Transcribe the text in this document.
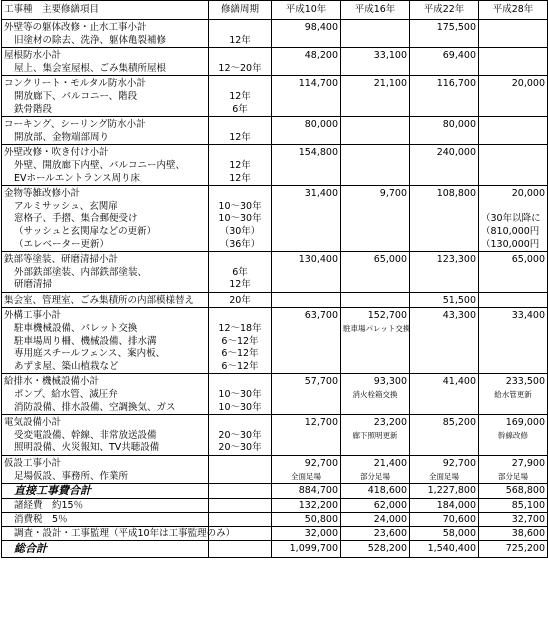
工事種　主要修繕項目	修繕周期	平成10年	平成16年	平成22年	平成28年
外壁等の躯体改修・止水工事小計		98,400		175,500	
旧塗材の除去、洗浄、躯体亀裂補修	12年				
屋根防水小計		48,200	33,100	69,400	
屋上、集会室屋根、ごみ集積所屋根	12〜20年				
コンクリート・モルタル防水小計		114,700	21,100	116,700	20,000
開放廊下、バルコニー、階段	12年				
鉄骨階段	6年				
コーキング、シーリング防水小計		80,000		80,000	
開放部、金物端部周り	12年				
外壁改修・吹き付け小計		154,800		240,000	
外壁、開放廊下内壁、バルコニー内壁、	12年				
EVホールエントランス周り床	12年				
金物等雑改修小計		31,400	9,700	108,800	20,000
アルミサッシュ、玄関扉	10〜30年				
窓格子、手摺、集合郵便受け	10〜30年				（30年以降に
（サッシュと玄関扉などの更新）	（30年）				（810,000円
（エレベーター更新）	（36年）				（130,000円
鉄部等塗装、研磨清掃小計		130,400	65,000	123,300	65,000
外部鉄部塗装、内部鉄部塗装、	6年				
研磨清掃	12年				
集会室、管理室、ごみ集積所の内部模様替え	20年			51,500	
外構工事小計		63,700	152,700	43,300	33,400
駐車機械設備、パレット交換	12〜18年		駐車場パレット交換		
駐車場周り柵、機械設備、排水溝	6〜12年				
専用庭スチールフェンス、案内板、	6〜12年				
あずま屋、築山植栽など	6〜12年				
給排水・機械設備小計		57,700	93,300	41,400	233,500
ポンプ、給水管、滅圧弁	10〜30年		消火栓箱交換		給水管更新
消防設備、排水設備、空調換気、ガス	10〜30年				
電気設備小計		12,700	23,200	85,200	169,000
受変電設備、幹線、非常放送設備	20〜30年		廊下照明更新		幹線改修
照明設備、火災報知、TV共聴設備	20〜30年				
仮設工事小計		92,700	21,400	92,700	27,900
足場仮設、事務所、作業所		全面足場	部分足場	全面足場	部分足場
直接工事費合計		884,700	418,600	1,227,800	568,800
諸経費　約15％		132,200	62,000	184,000	85,100
消費税　5％		50,800	24,000	70,600	32,700
調査・設計・工事監理（平成10年は工事監理のみ）		32,000	23,600	58,000	38,600
総合計		1,099,700	528,200	1,540,400	725,200
